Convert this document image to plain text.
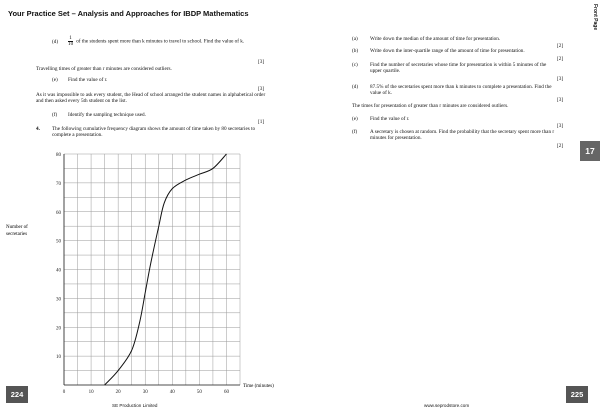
Your Practice Set – Analysis and Approaches for IBDP Mathematics	Front Page
17
$(d) \frac{1}{10}$ of the students spent more than k minutes to travel to school. Find the value of k.
[3]
Travelling times of greater than r minutes are considered outliers.
(e) Find the value of r.
[3]
As it was impossible to ask every student, the Head of school arranged the student names in alphabetical order and then asked every 5th student on the list.
(f) Identify the sampling technique used.
[1]
4. The following cumulative frequency diagram shows the amount of time taken by 80 secretaries to complete a presentation.
0	10	20	30	40	50	60
10
20
30
40
50
60
70
80
Time (minutes)
Number of secretaries
(a) Write down the median of the amount of time for presentation.
[2]
(b) Write down the inter-quartile range of the amount of time for presentation.
[2]
(c) Find the number of secretaries whose time for presentation is within 5 minutes of the upper quartile.
[3]
(d) 87.5% of the secretaries spent more than k minutes to complete a presentation. Find the value of k.
[3]
The times for presentation of greater than r minutes are considered outliers.
(e) Find the value of r.
[3]
(f) A secretary is chosen at random. Find the probability that the secretary spent more than r minutes for presentation.
[2]
224	225
SE Production Limited	www.seprodstore.com
